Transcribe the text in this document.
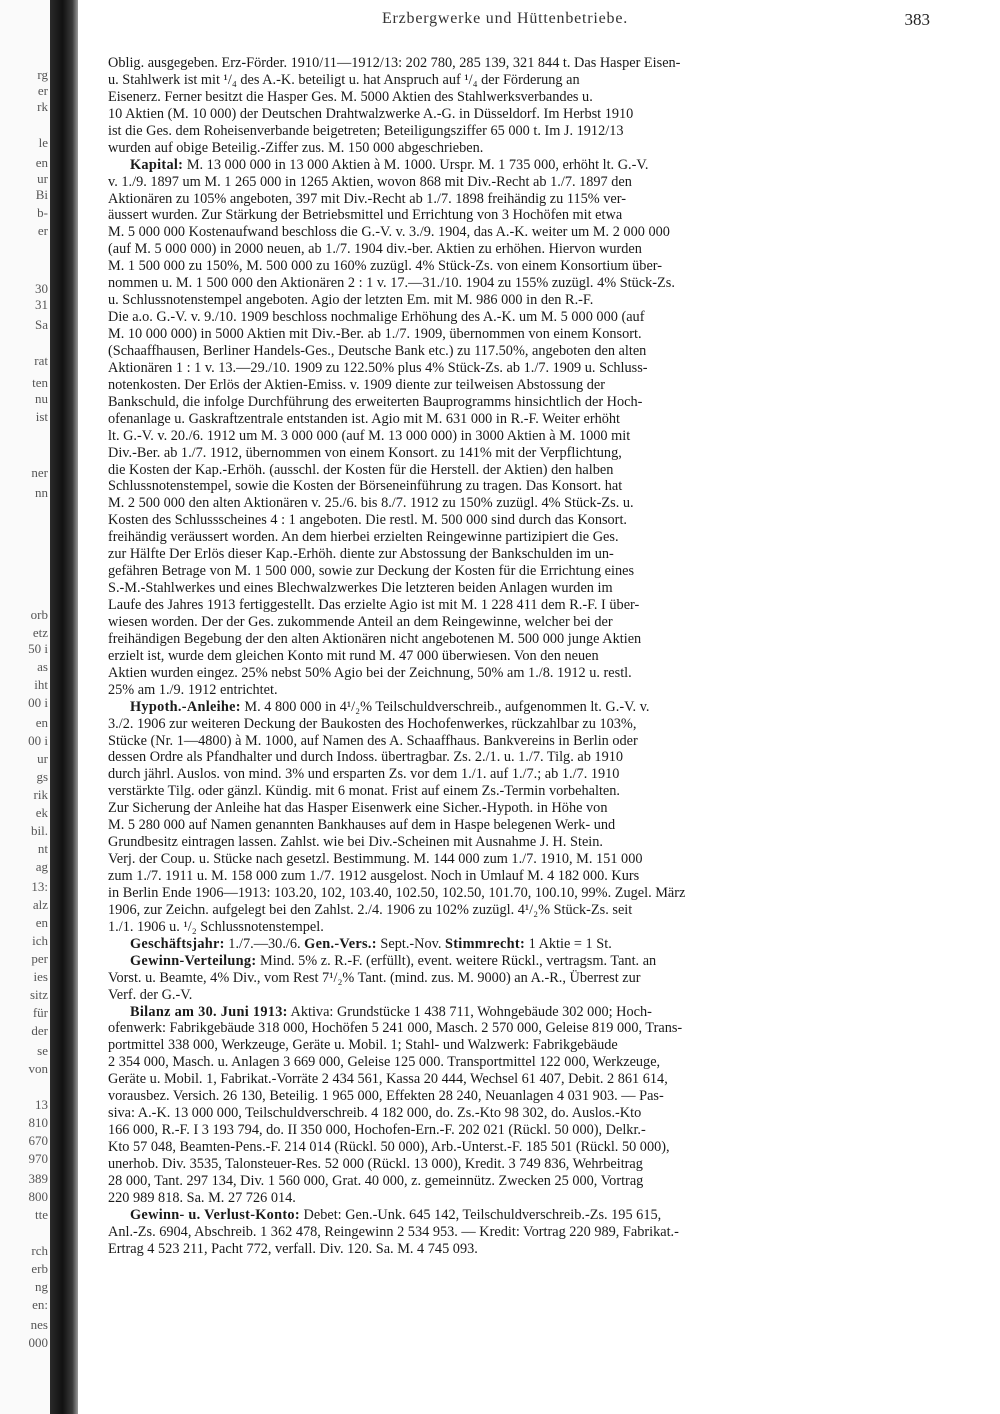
rg
er
rk
le
en
ur
Bi
b-
er
30
31
Sa
rat
ten
nu
ist
ner
nn
orb
etz
50 i
as
iht
00 i
en
00 i
ur
gs
rik
ek
bil.
nt
ag
13:
alz
en
ich
per
ies
sitz
für
der
se
von
13
810
670
970
389
800
tte
rch
erb
ng
en:
nes
000
Erzbergwerke und Hüttenbetriebe.	383
Oblig. ausgegeben. Erz-Förder. 1910/11—1912/13: 202 780, 285 139, 321 844 t. Das Hasper Eisen-
u. Stahlwerk ist mit ¹/₄ des A.-K. beteiligt u. hat Anspruch auf ¹/₄ der Förderung an
Eisenerz. Ferner besitzt die Hasper Ges. M. 5000 Aktien des Stahlwerksverbandes u.
10 Aktien (M. 10 000) der Deutschen Drahtwalzwerke A.-G. in Düsseldorf. Im Herbst 1910
ist die Ges. dem Roheisenverbande beigetreten; Beteiligungsziffer 65 000 t. Im J. 1912/13
wurden auf obige Beteilig.-Ziffer zus. M. 150 000 abgeschrieben.
Kapital: M. 13 000 000 in 13 000 Aktien à M. 1000. Urspr. M. 1 735 000, erhöht lt. G.-V.
v. 1./9. 1897 um M. 1 265 000 in 1265 Aktien, wovon 868 mit Div.-Recht ab 1./7. 1897 den
Aktionären zu 105% angeboten, 397 mit Div.-Recht ab 1./7. 1898 freihändig zu 115% ver-
äussert wurden. Zur Stärkung der Betriebsmittel und Errichtung von 3 Hochöfen mit etwa
M. 5 000 000 Kostenaufwand beschloss die G.-V. v. 3./9. 1904, das A.-K. weiter um M. 2 000 000
(auf M. 5 000 000) in 2000 neuen, ab 1./7. 1904 div.-ber. Aktien zu erhöhen. Hiervon wurden
M. 1 500 000 zu 150%, M. 500 000 zu 160% zuzügl. 4% Stück-Zs. von einem Konsortium über-
nommen u. M. 1 500 000 den Aktionären 2 : 1 v. 17.—31./10. 1904 zu 155% zuzügl. 4% Stück-Zs.
u. Schlussnotenstempel angeboten. Agio der letzten Em. mit M. 986 000 in den R.-F.
Die a.o. G.-V. v. 9./10. 1909 beschloss nochmalige Erhöhung des A.-K. um M. 5 000 000 (auf
M. 10 000 000) in 5000 Aktien mit Div.-Ber. ab 1./7. 1909, übernommen von einem Konsort.
(Schaaffhausen, Berliner Handels-Ges., Deutsche Bank etc.) zu 117.50%, angeboten den alten
Aktionären 1 : 1 v. 13.—29./10. 1909 zu 122.50% plus 4% Stück-Zs. ab 1./7. 1909 u. Schluss-
notenkosten. Der Erlös der Aktien-Emiss. v. 1909 diente zur teilweisen Abstossung der
Bankschuld, die infolge Durchführung des erweiterten Bauprogramms hinsichtlich der Hoch-
ofenanlage u. Gaskraftzentrale entstanden ist. Agio mit M. 631 000 in R.-F. Weiter erhöht
lt. G.-V. v. 20./6. 1912 um M. 3 000 000 (auf M. 13 000 000) in 3000 Aktien à M. 1000 mit
Div.-Ber. ab 1./7. 1912, übernommen von einem Konsort. zu 141% mit der Verpflichtung,
die Kosten der Kap.-Erhöh. (ausschl. der Kosten für die Herstell. der Aktien) den halben
Schlussnotenstempel, sowie die Kosten der Börseneinführung zu tragen. Das Konsort. hat
M. 2 500 000 den alten Aktionären v. 25./6. bis 8./7. 1912 zu 150% zuzügl. 4% Stück-Zs. u.
Kosten des Schlussscheines 4 : 1 angeboten. Die restl. M. 500 000 sind durch das Konsort.
freihändig veräussert worden. An dem hierbei erzielten Reingewinne partizipiert die Ges.
zur Hälfte Der Erlös dieser Kap.-Erhöh. diente zur Abstossung der Bankschulden im un-
gefähren Betrage von M. 1 500 000, sowie zur Deckung der Kosten für die Errichtung eines
S.-M.-Stahlwerkes und eines Blechwalzwerkes Die letzteren beiden Anlagen wurden im
Laufe des Jahres 1913 fertiggestellt. Das erzielte Agio ist mit M. 1 228 411 dem R.-F. I über-
wiesen worden. Der der Ges. zukommende Anteil an dem Reingewinne, welcher bei der
freihändigen Begebung der den alten Aktionären nicht angebotenen M. 500 000 junge Aktien
erzielt ist, wurde dem gleichen Konto mit rund M. 47 000 überwiesen. Von den neuen
Aktien wurden eingez. 25% nebst 50% Agio bei der Zeichnung, 50% am 1./8. 1912 u. restl.
25% am 1./9. 1912 entrichtet.
Hypoth.-Anleihe: M. 4 800 000 in 4¹/₂% Teilschuldverschreib., aufgenommen lt. G.-V. v.
3./2. 1906 zur weiteren Deckung der Baukosten des Hochofenwerkes, rückzahlbar zu 103%,
Stücke (Nr. 1—4800) à M. 1000, auf Namen des A. Schaaffhaus. Bankvereins in Berlin oder
dessen Ordre als Pfandhalter und durch Indoss. übertragbar. Zs. 2./1. u. 1./7. Tilg. ab 1910
durch jährl. Auslos. von mind. 3% und ersparten Zs. vor dem 1./1. auf 1./7.; ab 1./7. 1910
verstärkte Tilg. oder gänzl. Kündig. mit 6 monat. Frist auf einem Zs.-Termin vorbehalten.
Zur Sicherung der Anleihe hat das Hasper Eisenwerk eine Sicher.-Hypoth. in Höhe von
M. 5 280 000 auf Namen genannten Bankhauses auf dem in Haspe belegenen Werk- und
Grundbesitz eintragen lassen. Zahlst. wie bei Div.-Scheinen mit Ausnahme J. H. Stein.
Verj. der Coup. u. Stücke nach gesetzl. Bestimmung. M. 144 000 zum 1./7. 1910, M. 151 000
zum 1./7. 1911 u. M. 158 000 zum 1./7. 1912 ausgelost. Noch in Umlauf M. 4 182 000. Kurs
in Berlin Ende 1906—1913: 103.20, 102, 103.40, 102.50, 102.50, 101.70, 100.10, 99%. Zugel. März
1906, zur Zeichn. aufgelegt bei den Zahlst. 2./4. 1906 zu 102% zuzügl. 4¹/₂% Stück-Zs. seit
1./1. 1906 u. ¹/₂ Schlussnotenstempel.
Geschäftsjahr: 1./7.—30./6. Gen.-Vers.: Sept.-Nov. Stimmrecht: 1 Aktie = 1 St.
Gewinn-Verteilung: Mind. 5% z. R.-F. (erfüllt), event. weitere Rückl., vertragsm. Tant. an
Vorst. u. Beamte, 4% Div., vom Rest 7¹/₂% Tant. (mind. zus. M. 9000) an A.-R., Überrest zur
Verf. der G.-V.
Bilanz am 30. Juni 1913: Aktiva: Grundstücke 1 438 711, Wohngebäude 302 000; Hoch-
ofenwerk: Fabrikgebäude 318 000, Hochöfen 5 241 000, Masch. 2 570 000, Geleise 819 000, Trans-
portmittel 338 000, Werkzeuge, Geräte u. Mobil. 1; Stahl- und Walzwerk: Fabrikgebäude
2 354 000, Masch. u. Anlagen 3 669 000, Geleise 125 000. Transportmittel 122 000, Werkzeuge,
Geräte u. Mobil. 1, Fabrikat.-Vorräte 2 434 561, Kassa 20 444, Wechsel 61 407, Debit. 2 861 614,
vorausbez. Versich. 26 130, Beteilig. 1 965 000, Effekten 28 240, Neuanlagen 4 031 903. — Pas-
siva: A.-K. 13 000 000, Teilschuldverschreib. 4 182 000, do. Zs.-Kto 98 302, do. Auslos.-Kto
166 000, R.-F. I 3 193 794, do. II 350 000, Hochofen-Ern.-F. 202 021 (Rückl. 50 000), Delkr.-
Kto 57 048, Beamten-Pens.-F. 214 014 (Rückl. 50 000), Arb.-Unterst.-F. 185 501 (Rückl. 50 000),
unerhob. Div. 3535, Talonsteuer-Res. 52 000 (Rückl. 13 000), Kredit. 3 749 836, Wehrbeitrag
28 000, Tant. 297 134, Div. 1 560 000, Grat. 40 000, z. gemeinnütz. Zwecken 25 000, Vortrag
220 989 818. Sa. M. 27 726 014.
Gewinn- u. Verlust-Konto: Debet: Gen.-Unk. 645 142, Teilschuldverschreib.-Zs. 195 615,
Anl.-Zs. 6904, Abschreib. 1 362 478, Reingewinn 2 534 953. — Kredit: Vortrag 220 989, Fabrikat.-
Ertrag 4 523 211, Pacht 772, verfall. Div. 120. Sa. M. 4 745 093.
